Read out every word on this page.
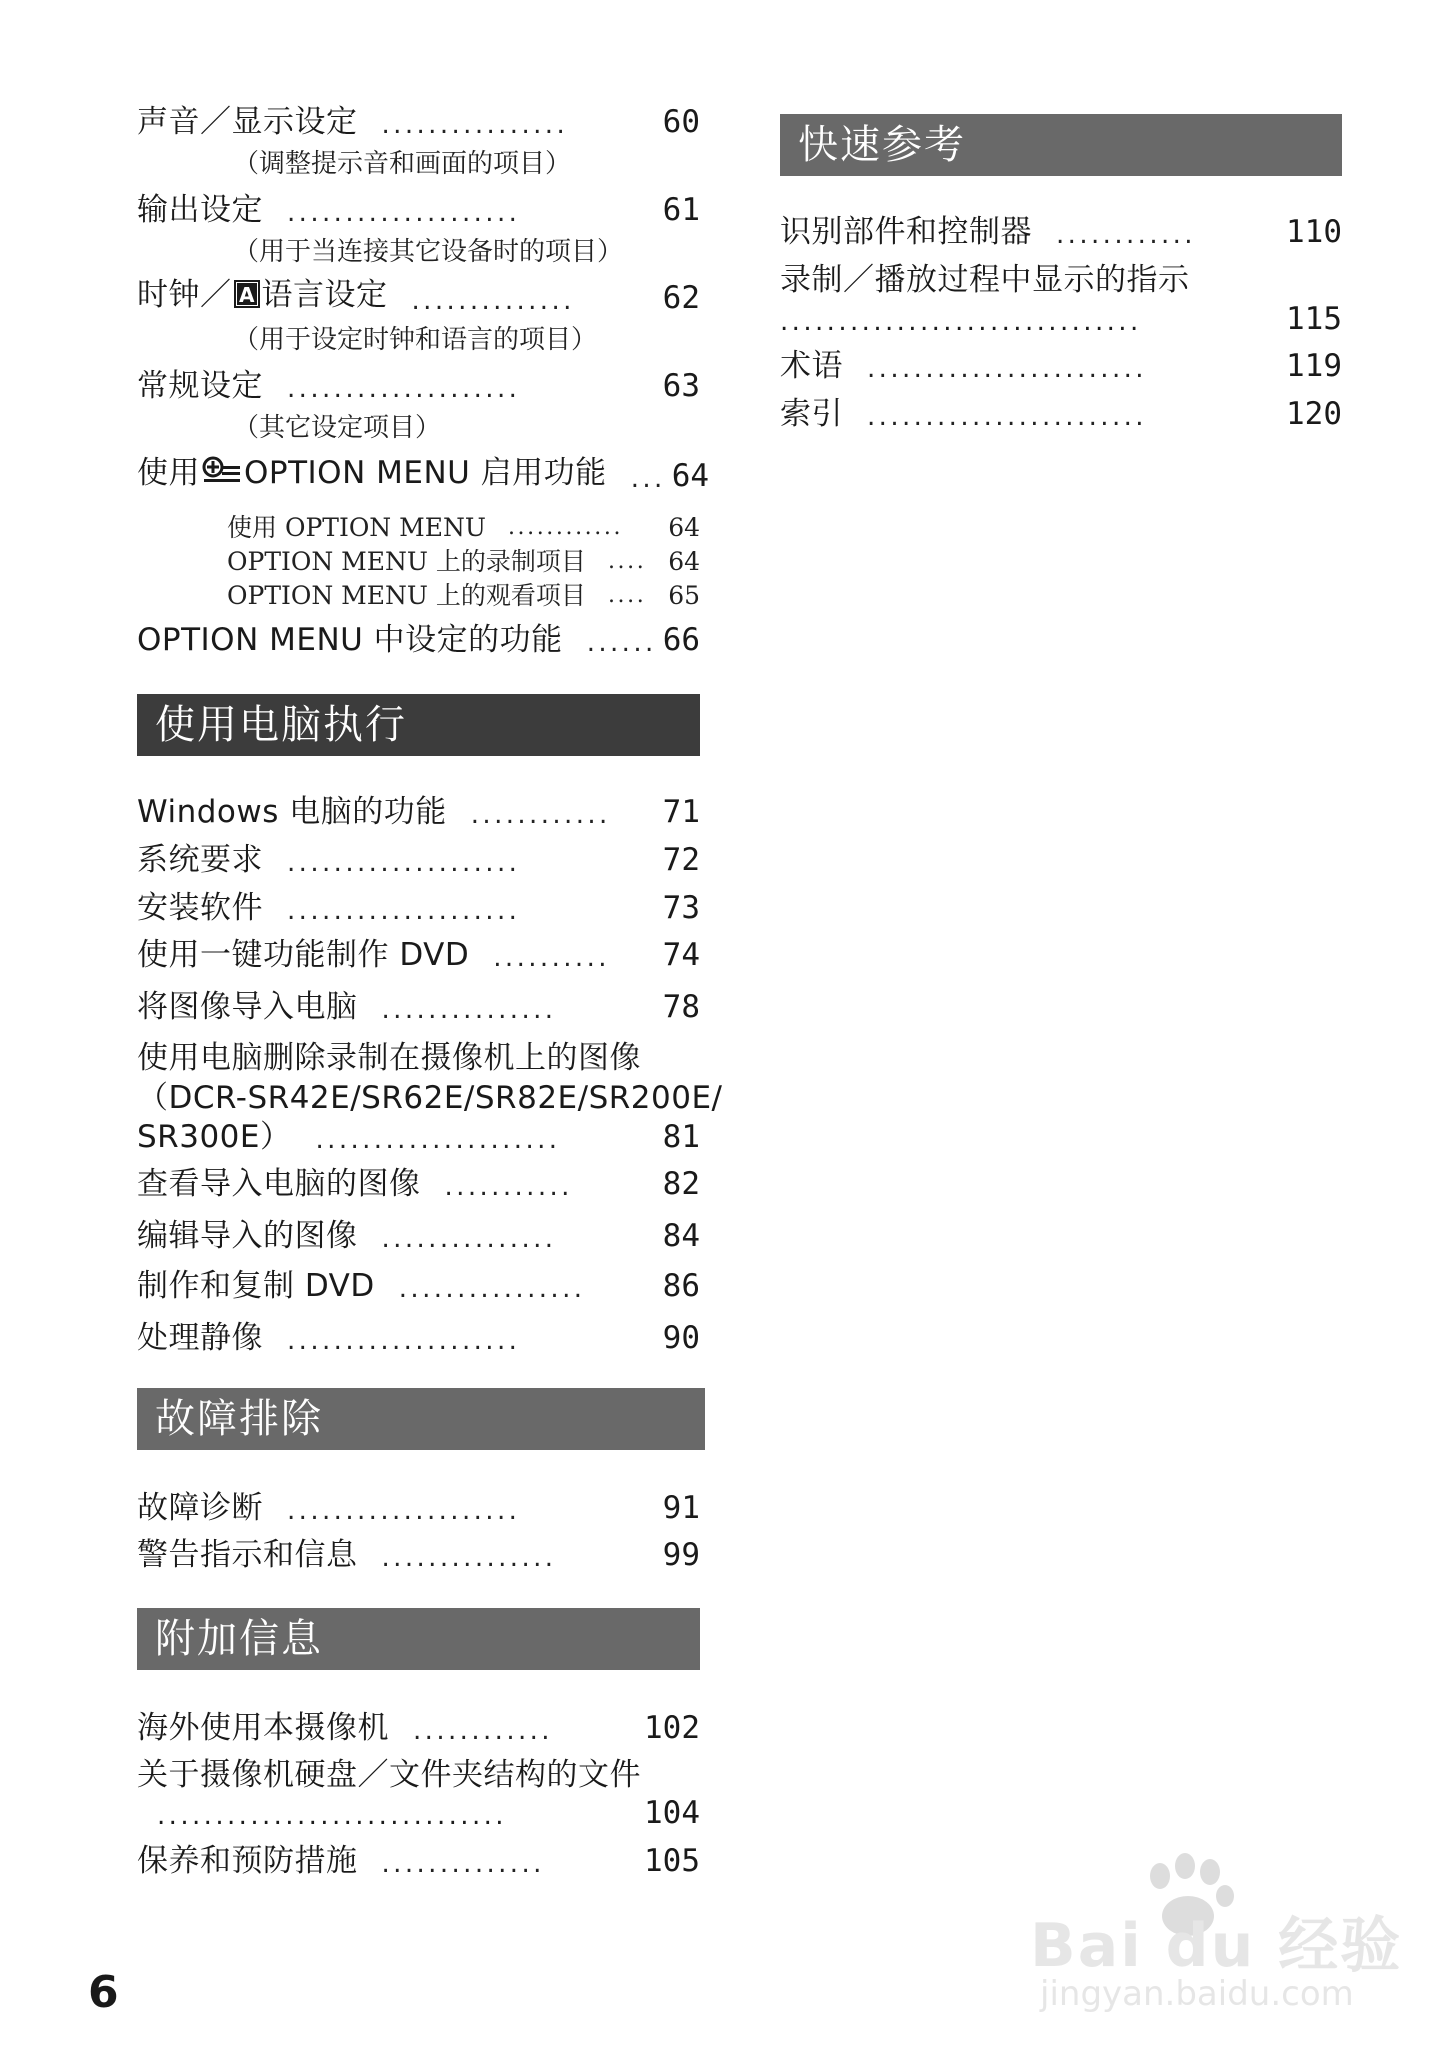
声音／显示设定 ................	60
（调整提示音和画面的项目）
输出设定 ....................	61
（用于当连接其它设备时的项目）
时钟／ A 语言设定 ..............	62
（用于设定时钟和语言的项目）
常规设定 ....................	63
（其它设定项目）
使用 OPTION MENU 启用功能 ... 64
使用 OPTION MENU ............	64
OPTION MENU 上的录制项目 .... 64
OPTION MENU 上的观看项目 .... 65
OPTION MENU 中设定的功能 ...... 66
使用电脑执行
Windows 电脑的功能 ............	71
系统要求 ....................	72
安装软件 ....................	73
使用一键功能制作 DVD ..........	74
将图像导入电脑 ...............	78
使用电脑删除录制在摄像机上的图像
（DCR-SR42E/SR62E/SR82E/SR200E/
SR300E） .....................	81
查看导入电脑的图像 ...........	82
编辑导入的图像 ...............	84
制作和复制 DVD ................	86
处理静像 ....................	90
故障排除
故障诊断 ....................	91
警告指示和信息 ...............	99
附加信息
海外使用本摄像机 ............	102
关于摄像机硬盘／文件夹结构的文件
..............................	104
保养和预防措施 ..............	105
快速参考
识别部件和控制器 ............	110
录制／播放过程中显示的指示
...............................	115
术语 ........................	119
索引 ........................	120
6
Bai du 经验
jingyan.baidu.com
